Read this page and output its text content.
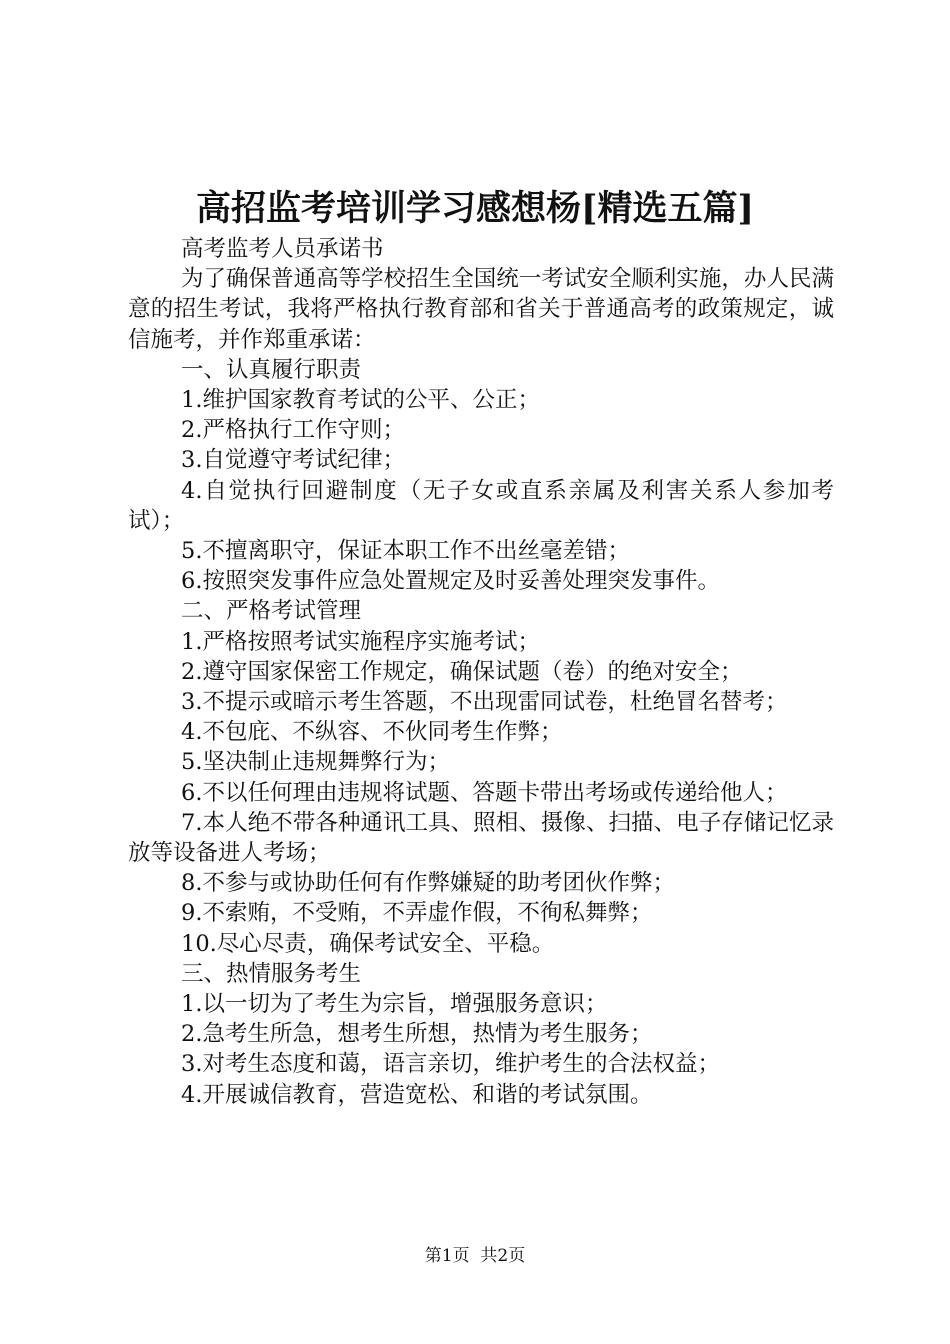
高招监考培训学习感想杨[精选五篇]

高考监考人员承诺书

为了确保普通高等学校招生全国统一考试安全顺利实施，办人民满意的招生考试，我将严格执行教育部和省关于普通高考的政策规定，诚信施考，并作郑重承诺：

一、认真履行职责

1.维护国家教育考试的公平、公正；

2.严格执行工作守则；

3.自觉遵守考试纪律；

4.自觉执行回避制度（无子女或直系亲属及利害关系人参加考试）；

5.不擅离职守，保证本职工作不出丝毫差错；

6.按照突发事件应急处置规定及时妥善处理突发事件。

二、严格考试管理

1.严格按照考试实施程序实施考试；

2.遵守国家保密工作规定，确保试题（卷）的绝对安全；

3.不提示或暗示考生答题，不出现雷同试卷，杜绝冒名替考；

4.不包庇、不纵容、不伙同考生作弊；

5.坚决制止违规舞弊行为；

6.不以任何理由违规将试题、答题卡带出考场或传递给他人；

7.本人绝不带各种通讯工具、照相、摄像、扫描、电子存储记忆录放等设备进人考场；

8.不参与或协助任何有作弊嫌疑的助考团伙作弊；

9.不索贿，不受贿，不弄虚作假，不徇私舞弊；

10.尽心尽责，确保考试安全、平稳。

三、热情服务考生

1.以一切为了考生为宗旨，增强服务意识；

2.急考生所急，想考生所想，热情为考生服务；

3.对考生态度和蔼，语言亲切，维护考生的合法权益；

4.开展诚信教育，营造宽松、和谐的考试氛围。

第1页  共2页
